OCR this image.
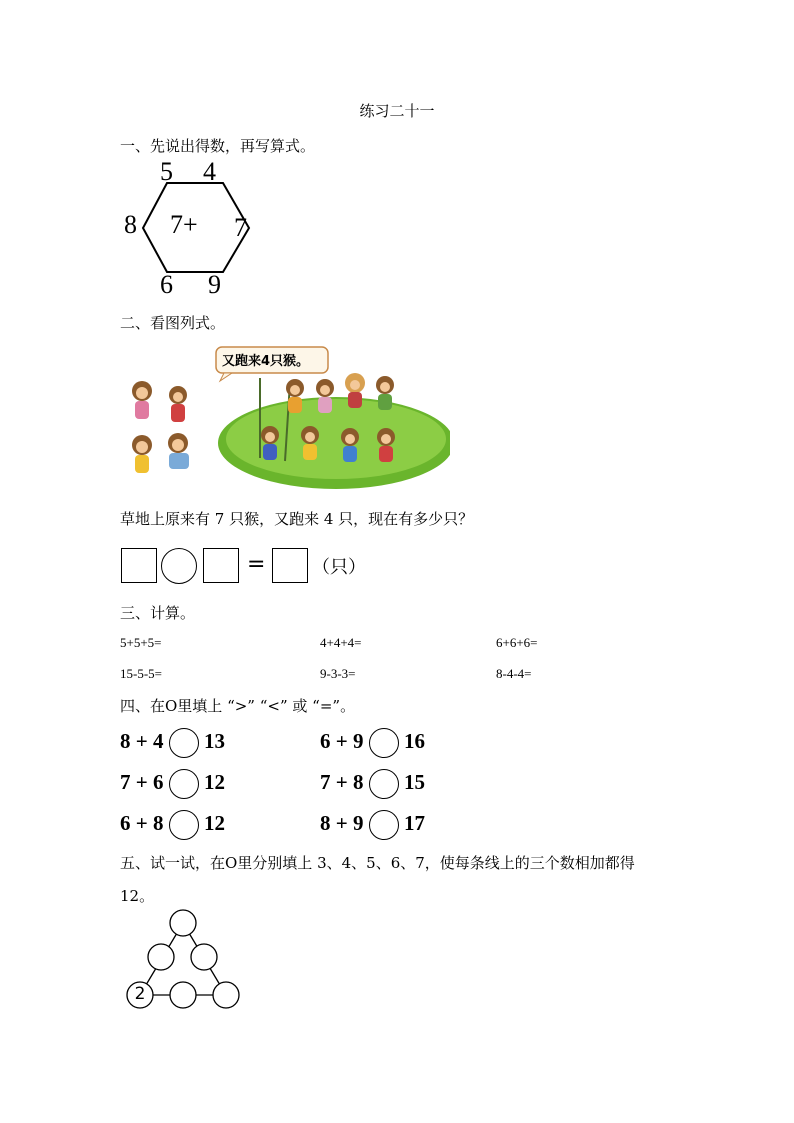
练习二十一
一、先说出得数，再写算式。
5 4
8	7
6 9
7+
二、看图列式。
又跑来4只猴。
草地上原来有 7 只猴，又跑来 4 只，现在有多少只？
=	（只）
三、计算。
5+5+5=	4+4+4=	6+6+6=
15-5-5=	9-3-3=	8-4-4=
四、在O里填上 “>” “<” 或 “=”。
8 + 4 13	6 + 9 16
7 + 6 12	7 + 8 15
6 + 8 12	8 + 9 17
五、试一试，在O里分别填上 3、4、5、6、7，使每条线上的三个数相加都得
12。
2
